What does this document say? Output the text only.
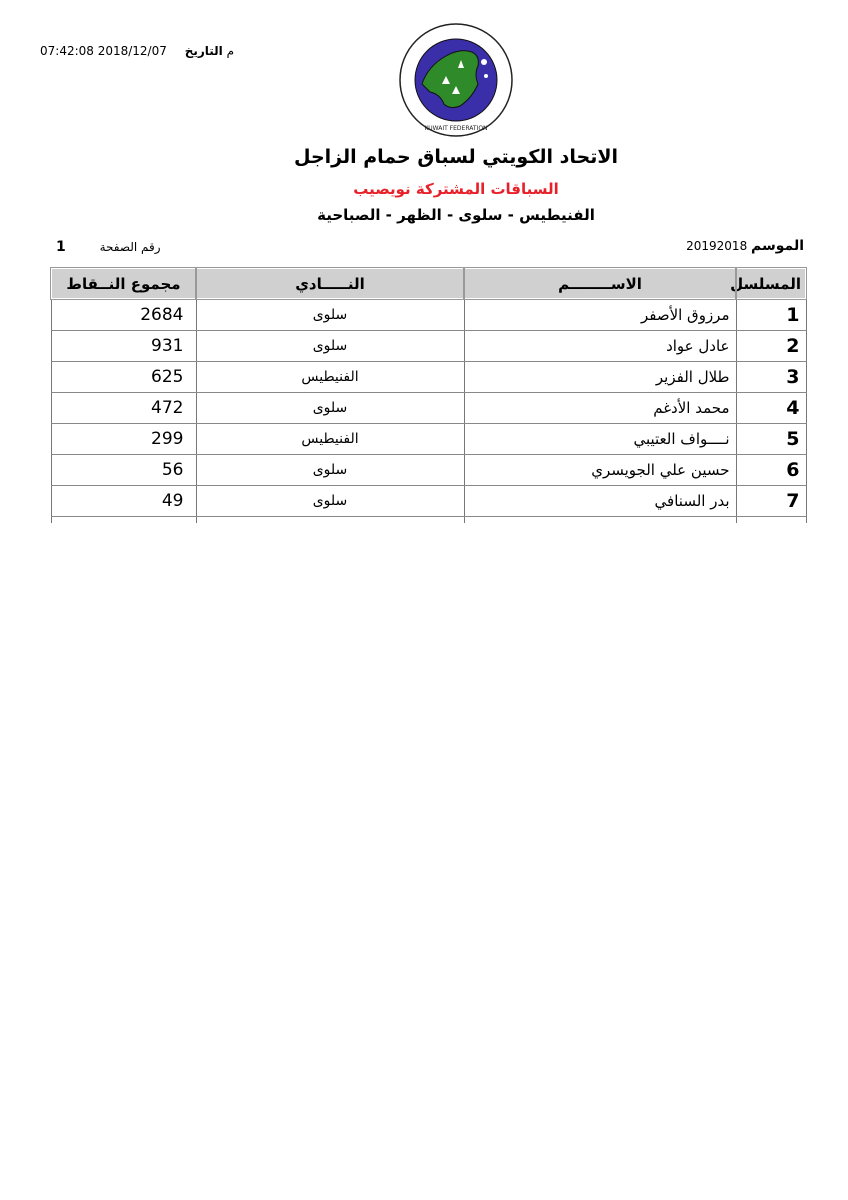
07:42:08 2018/12/07 م التاريخ
KUWAIT FEDERATION
الاتحاد الكويتي لسباق حمام الزاجل
السباقات المشتركة نويصيب
الفنيطيس - سلوى - الظهر - الصباحية
الموسم 20192018
رقم الصفحة 1
المسلسل	الاســــــــم	النـــــادي	مجموع النــقاط
1	مرزوق الأصفر	سلوى	2684
2	عادل عواد	سلوى	931
3	طلال الفزير	الفنيطيس	625
4	محمد الأدغم	سلوى	472
5	نــــواف العتيبي	الفنيطيس	299
6	حسين علي الجويسري	سلوى	56
7	بدر السنافي	سلوى	49
